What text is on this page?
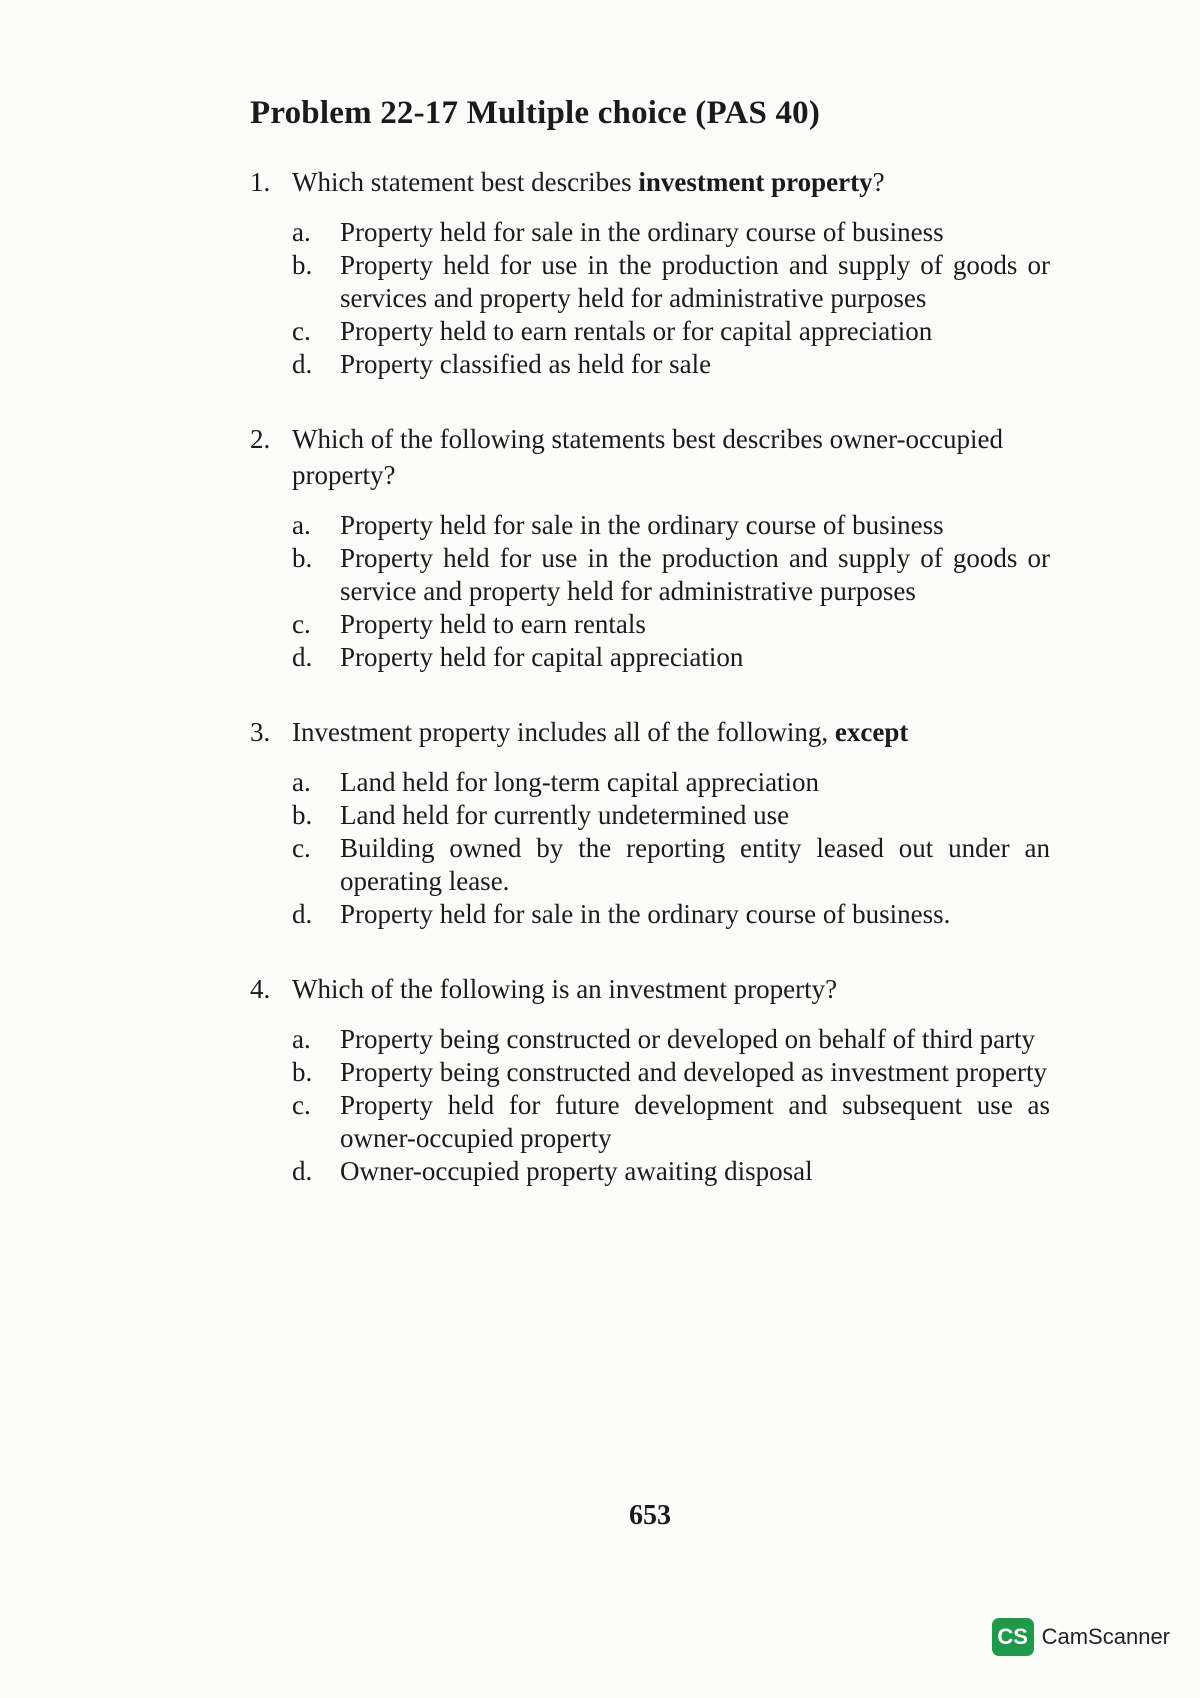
Problem 22-17 Multiple choice (PAS 40)
1. Which statement best describes investment property?
a.	Property held for sale in the ordinary course of business
b.	Property held for use in the production and supply of goods or services and property held for administrative purposes
c.	Property held to earn rentals or for capital appreciation
d.	Property classified as held for sale
2. Which of the following statements best describes owner-occupied property?
a.	Property held for sale in the ordinary course of business
b.	Property held for use in the production and supply of goods or service and property held for administrative purposes
c.	Property held to earn rentals
d.	Property held for capital appreciation
3. Investment property includes all of the following, except
a.	Land held for long-term capital appreciation
b.	Land held for currently undetermined use
c.	Building owned by the reporting entity leased out under an operating lease.
d.	Property held for sale in the ordinary course of business.
4. Which of the following is an investment property?
a.	Property being constructed or developed on behalf of third party
b.	Property being constructed and developed as investment property
c.	Property held for future development and subsequent use as owner-occupied property
d.	Owner-occupied property awaiting disposal
653
CS CamScanner
